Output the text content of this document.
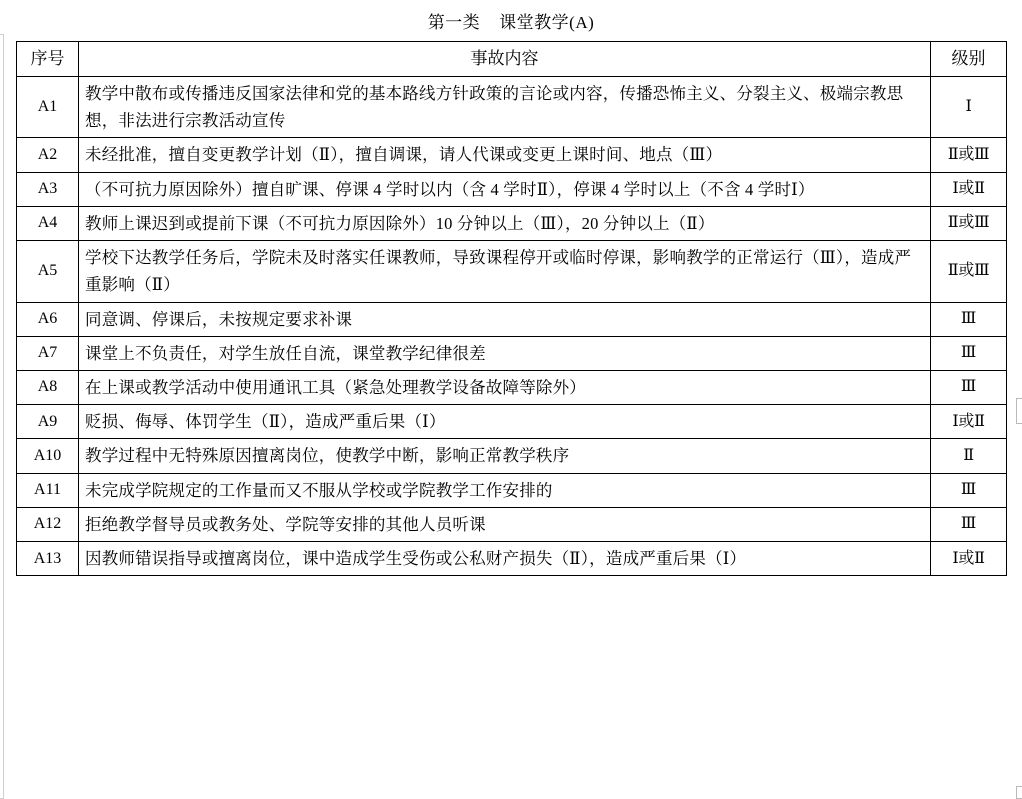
第一类    课堂教学(A)
序号	事故内容	级别
A1	教学中散布或传播违反国家法律和党的基本路线方针政策的言论或内容，传播恐怖主义、分裂主义、极端宗教思想，非法进行宗教活动宣传	Ⅰ
A2	未经批准，擅自变更教学计划（Ⅱ），擅自调课，请人代课或变更上课时间、地点（Ⅲ）	Ⅱ或Ⅲ
A3	（不可抗力原因除外）擅自旷课、停课 4 学时以内（含 4 学时Ⅱ），停课 4 学时以上（不含 4 学时Ⅰ）	Ⅰ或Ⅱ
A4	教师上课迟到或提前下课（不可抗力原因除外）10 分钟以上（Ⅲ），20 分钟以上（Ⅱ）	Ⅱ或Ⅲ
A5	学校下达教学任务后，学院未及时落实任课教师，导致课程停开或临时停课，影响教学的正常运行（Ⅲ），造成严重影响（Ⅱ）	Ⅱ或Ⅲ
A6	同意调、停课后，未按规定要求补课	Ⅲ
A7	课堂上不负责任，对学生放任自流，课堂教学纪律很差	Ⅲ
A8	在上课或教学活动中使用通讯工具（紧急处理教学设备故障等除外）	Ⅲ
A9	贬损、侮辱、体罚学生（Ⅱ），造成严重后果（Ⅰ）	Ⅰ或Ⅱ
A10	教学过程中无特殊原因擅离岗位，使教学中断，影响正常教学秩序	Ⅱ
A11	未完成学院规定的工作量而又不服从学校或学院教学工作安排的	Ⅲ
A12	拒绝教学督导员或教务处、学院等安排的其他人员听课	Ⅲ
A13	因教师错误指导或擅离岗位，课中造成学生受伤或公私财产损失（Ⅱ），造成严重后果（Ⅰ）	Ⅰ或Ⅱ
